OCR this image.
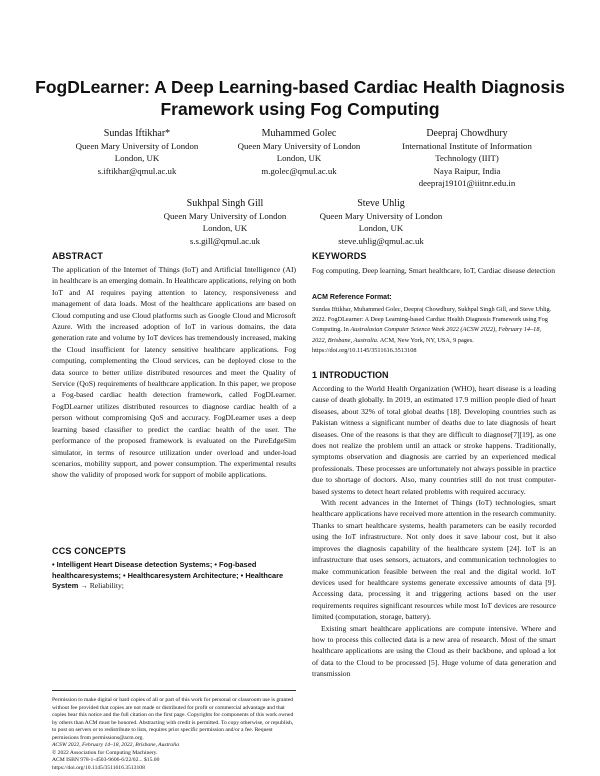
FogDLearner: A Deep Learning-based Cardiac Health Diagnosis
Framework using Fog Computing
Sundas Iftikhar*
Queen Mary University of London
London, UK
s.iftikhar@qmul.ac.uk
Muhammed Golec
Queen Mary University of London
London, UK
m.golec@qmul.ac.uk
Deepraj Chowdhury
International Institute of Information
Technology (IIIT)
Naya Raipur, India
deepraj19101@iiitnr.edu.in
Sukhpal Singh Gill
Queen Mary University of London
London, UK
s.s.gill@qmul.ac.uk
Steve Uhlig
Queen Mary University of London
London, UK
steve.uhlig@qmul.ac.uk
ABSTRACT

The application of the Internet of Things (IoT) and Artificial Intelligence (AI) in healthcare is an emerging domain. In Healthcare applications, relying on both IoT and AI requires paying attention to latency, responsiveness and management of data loads. Most of the healthcare applications are based on Cloud computing and use Cloud platforms such as Google Cloud and Microsoft Azure. With the increased adoption of IoT in various domains, the data generation rate and volume by IoT devices has tremendously increased, making the Cloud insufficient for latency sensitive healthcare applications. Fog computing, complementing the Cloud services, can be deployed close to the data source to better utilize distributed resources and meet the Quality of Service (QoS) requirements of healthcare application. In this paper, we propose a Fog-based cardiac health detection framework, called FogDLearner. FogDLearner utilizes distributed resources to diagnose cardiac health of a person without compromising QoS and accuracy. FogDLearner uses a deep learning based classifier to predict the cardiac health of the user. The performance of the proposed framework is evaluated on the PureEdgeSim simulator, in terms of resource utilization under overload and under-load scenarios, mobility support, and power consumption. The experimental results show the validity of proposed work for support of mobile applications.

CCS CONCEPTS
• Intelligent Heart Disease detection Systems; • Fog-based healthcaresystems; • Healthcaresystem Architecture; • Healthcare System → Reliability;
Permission to make digital or hard copies of all or part of this work for personal or classroom use is granted without fee provided that copies are not made or distributed for profit or commercial advantage and that copies bear this notice and the full citation on the first page. Copyrights for components of this work owned by others than ACM must be honored. Abstracting with credit is permitted. To copy otherwise, or republish, to post on servers or to redistribute to lists, requires prior specific permission and/or a fee. Request permissions from permissions@acm.org.
ACSW 2022, February 14–18, 2022, Brisbane, Australia
© 2022 Association for Computing Machinery.
ACM ISBN 978-1-4503-9606-6/22/02... $15.00
https://doi.org/10.1145/3511616.3513108
KEYWORDS
Fog computing, Deep learning, Smart healthcare, IoT, Cardiac disease detection
ACM Reference Format:
Sundas Iftikhar, Muhammed Golec, Deepraj Chowdhury, Sukhpal Singh Gill, and Steve Uhlig. 2022. FogDLearner: A Deep Learning-based Cardiac Health Diagnosis Framework using Fog Computing. In Australasian Computer Science Week 2022 (ACSW 2022), February 14–18, 2022, Brisbane, Australia. ACM, New York, NY, USA, 9 pages. https://doi.org/10.1145/3511616.3513108
1 INTRODUCTION

According to the World Health Organization (WHO), heart disease is a leading cause of death globally. In 2019, an estimated 17.9 million people died of heart diseases, about 32% of total global deaths [18]. Developing countries such as Pakistan witness a significant number of deaths due to late diagnosis of heart diseases. One of the reasons is that they are difficult to diagnose[7][19], as one does not realize the problem until an attack or stroke happens. Traditionally, symptoms observation and diagnosis are carried by an experienced medical professionals. These processes are unfortunately not always possible in practice due to shortage of doctors. Also, many countries still do not trust computer-based systems to detect heart related problems with required accuracy.

With recent advances in the Internet of Things (IoT) technologies, smart healthcare applications have received more attention in the research community. Thanks to smart healthcare systems, health parameters can be easily recorded using the IoT infrastructure. Not only does it save labour cost, but it also improves the diagnosis capability of the healthcare system [24]. IoT is an infrastructure that uses sensors, actuators, and communication technologies to make communication feasible between the real and the digital world. IoT devices used for healthcare systems generate excessive amounts of data [9]. Accessing data, processing it and triggering actions based on the user requirements requires significant resources while most IoT devices are resource limited (computation, storage, battery).

Existing smart healthcare applications are compute intensive. Where and how to process this collected data is a new area of research. Most of the smart healthcare applications are using the Cloud as their backbone, and upload a lot of data to the Cloud to be processed [5]. Huge volume of data generation and transmission
